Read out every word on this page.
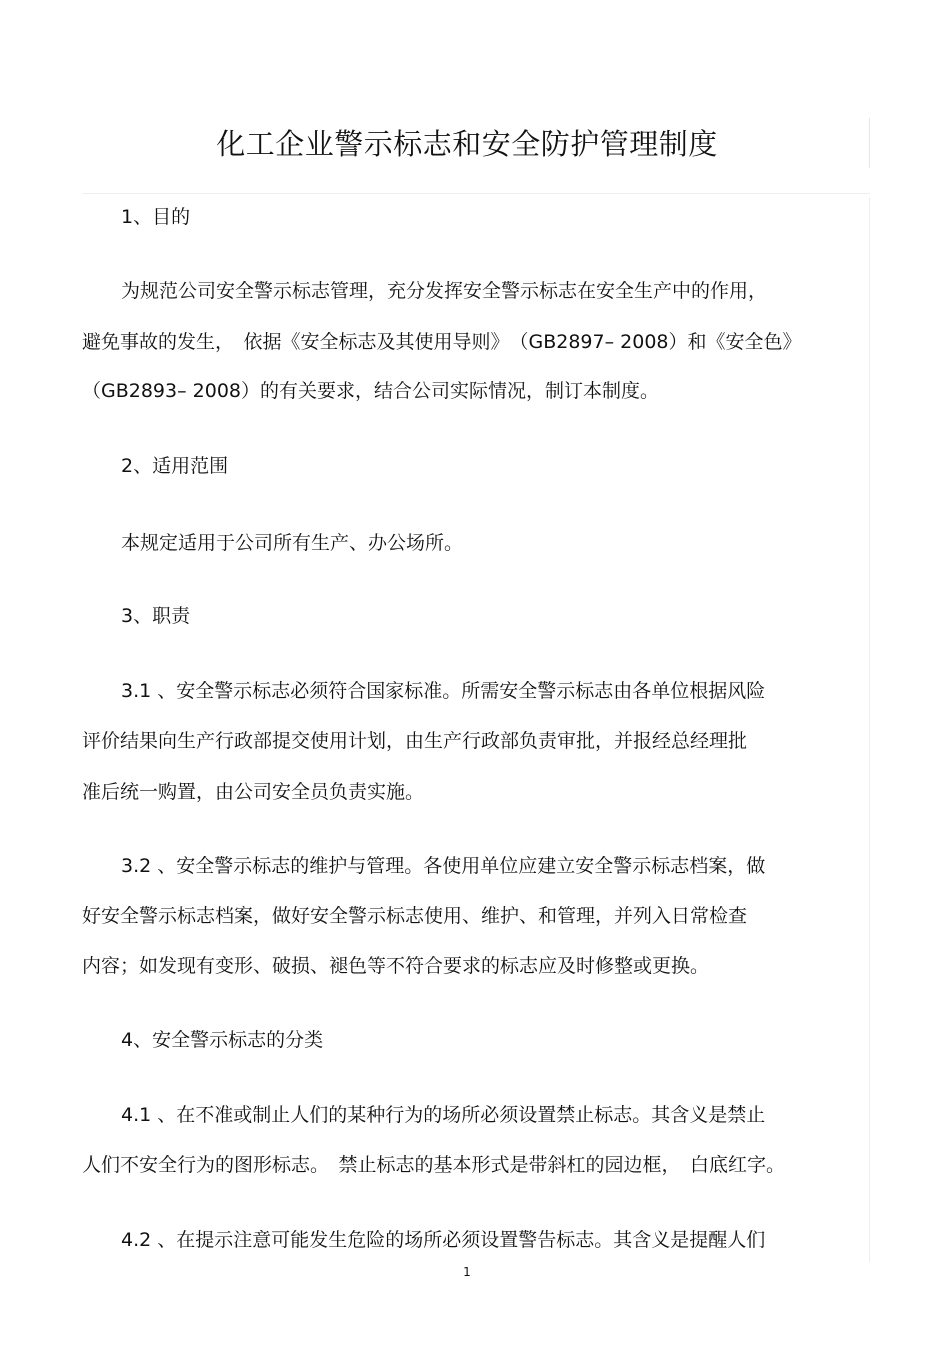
化工企业警示标志和安全防护管理制度

1、目的

为规范公司安全警示标志管理，充分发挥安全警示标志在安全生产中的作用，

避免事故的发生，　依据《安全标志及其使用导则》　（GB2897– 2008）和《安全色》

（GB2893– 2008）的有关要求，结合公司实际情况，制订本制度。

2、适用范围

本规定适用于公司所有生产、办公场所。

3、职责

3.1 、安全警示标志必须符合国家标准。所需安全警示标志由各单位根据风险

评价结果向生产行政部提交使用计划，由生产行政部负责审批，并报经总经理批

准后统一购置，由公司安全员负责实施。

3.2 、安全警示标志的维护与管理。各使用单位应建立安全警示标志档案，做

好安全警示标志档案，做好安全警示标志使用、维护、和管理，并列入日常检查

内容；如发现有变形、破损、褪色等不符合要求的标志应及时修整或更换。

4、安全警示标志的分类

4.1 、在不准或制止人们的某种行为的场所必须设置禁止标志。其含义是禁止

人们不安全行为的图形标志。　禁止标志的基本形式是带斜杠的园边框，　白底红字。

4.2 、在提示注意可能发生危险的场所必须设置警告标志。其含义是提醒人们

1
